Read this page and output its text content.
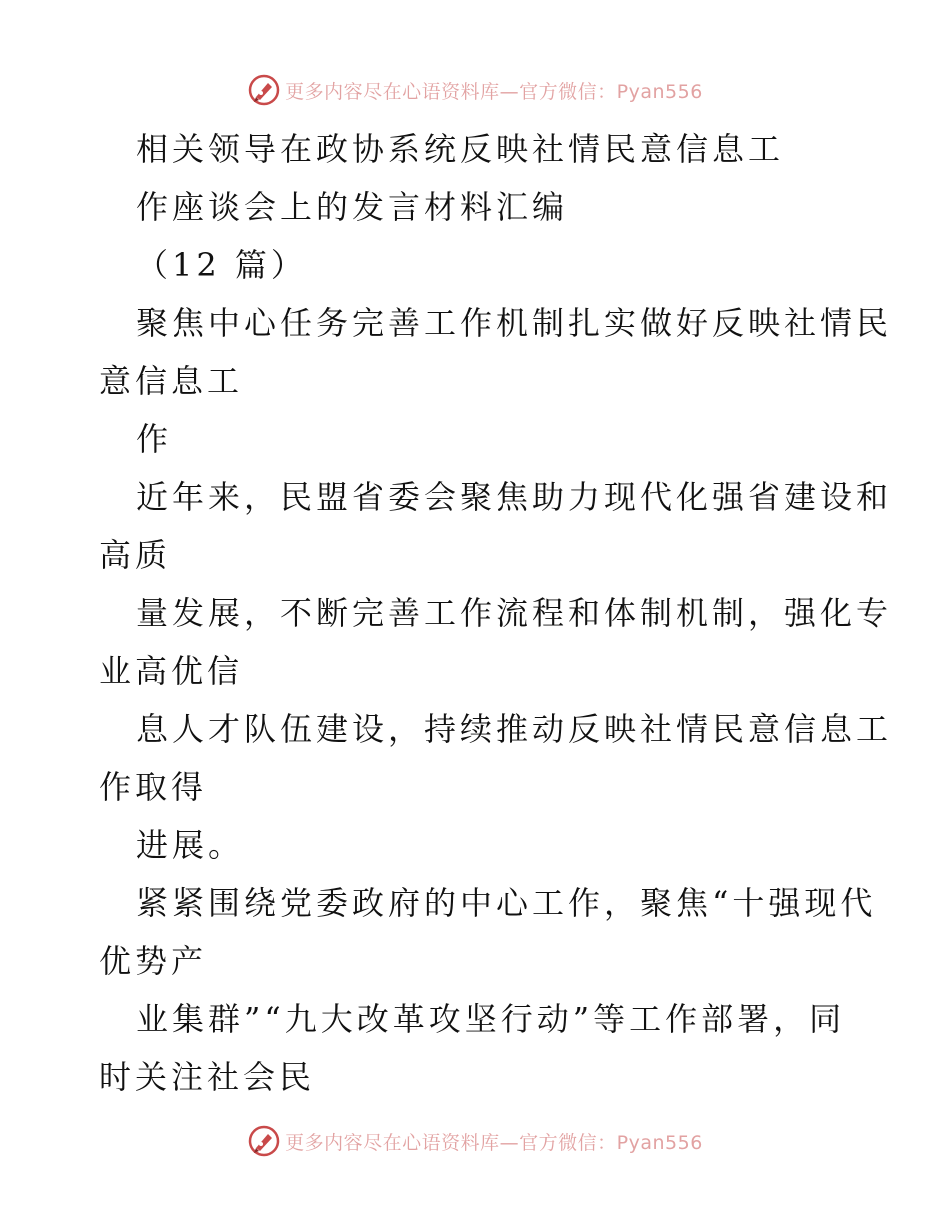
更多内容尽在心语资料库—官方微信：Pyan556
相关领导在政协系统反映社情民意信息工
作座谈会上的发言材料汇编
（12 篇）
聚焦中心任务完善工作机制扎实做好反映社情民
意信息工
作
近年来，民盟省委会聚焦助力现代化强省建设和
高质
量发展，不断完善工作流程和体制机制，强化专
业高优信
息人才队伍建设，持续推动反映社情民意信息工
作取得
进展。
紧紧围绕党委政府的中心工作，聚焦“十强现代
优势产
业集群”“九大改革攻坚行动”等工作部署，同
时关注社会民
更多内容尽在心语资料库—官方微信：Pyan556
